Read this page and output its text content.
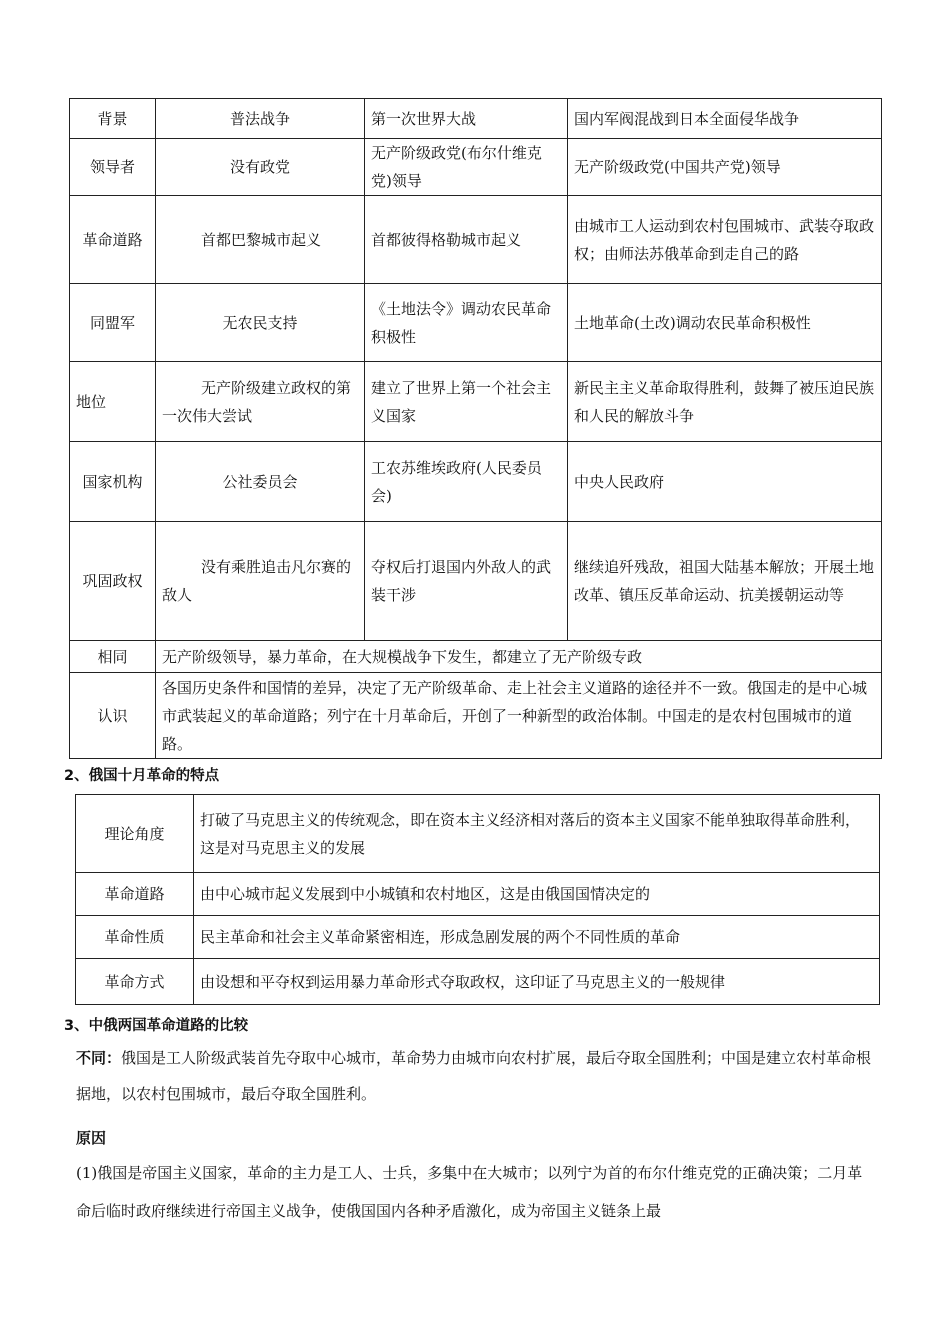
背景	普法战争	第一次世界大战	国内军阀混战到日本全面侵华战争
领导者	没有政党	无产阶级政党(布尔什维克党)领导	无产阶级政党(中国共产党)领导
革命道路	首都巴黎城市起义	首都彼得格勒城市起义	由城市工人运动到农村包围城市、武装夺取政权；由师法苏俄革命到走自己的路
同盟军	无农民支持	《土地法令》调动农民革命积极性	土地革命(土改)调动农民革命积极性
地位	无产阶级建立政权的第一次伟大尝试	建立了世界上第一个社会主义国家	新民主主义革命取得胜利，鼓舞了被压迫民族和人民的解放斗争
国家机构	公社委员会	工农苏维埃政府(人民委员会)	中央人民政府
巩固政权	没有乘胜追击凡尔赛的敌人	夺权后打退国内外敌人的武装干涉	继续追歼残敌，祖国大陆基本解放；开展土地改革、镇压反革命运动、抗美援朝运动等
相同	无产阶级领导，暴力革命，在大规模战争下发生，都建立了无产阶级专政
认识	各国历史条件和国情的差异，决定了无产阶级革命、走上社会主义道路的途径并不一致。俄国走的是中心城市武装起义的革命道路；列宁在十月革命后，开创了一种新型的政治体制。中国走的是农村包围城市的道路。
2、俄国十月革命的特点
理论角度	打破了马克思主义的传统观念，即在资本主义经济相对落后的资本主义国家不能单独取得革命胜利，这是对马克思主义的发展
革命道路	由中心城市起义发展到中小城镇和农村地区，这是由俄国国情决定的
革命性质	民主革命和社会主义革命紧密相连，形成急剧发展的两个不同性质的革命
革命方式	由设想和平夺权到运用暴力革命形式夺取政权，这印证了马克思主义的一般规律
3、中俄两国革命道路的比较
不同：俄国是工人阶级武装首先夺取中心城市，革命势力由城市向农村扩展，最后夺取全国胜利；中国是建立农村革命根据地，以农村包围城市，最后夺取全国胜利。
原因
(1)俄国是帝国主义国家，革命的主力是工人、士兵，多集中在大城市；以列宁为首的布尔什维克党的正确决策；二月革命后临时政府继续进行帝国主义战争，使俄国国内各种矛盾激化，成为帝国主义链条上最
